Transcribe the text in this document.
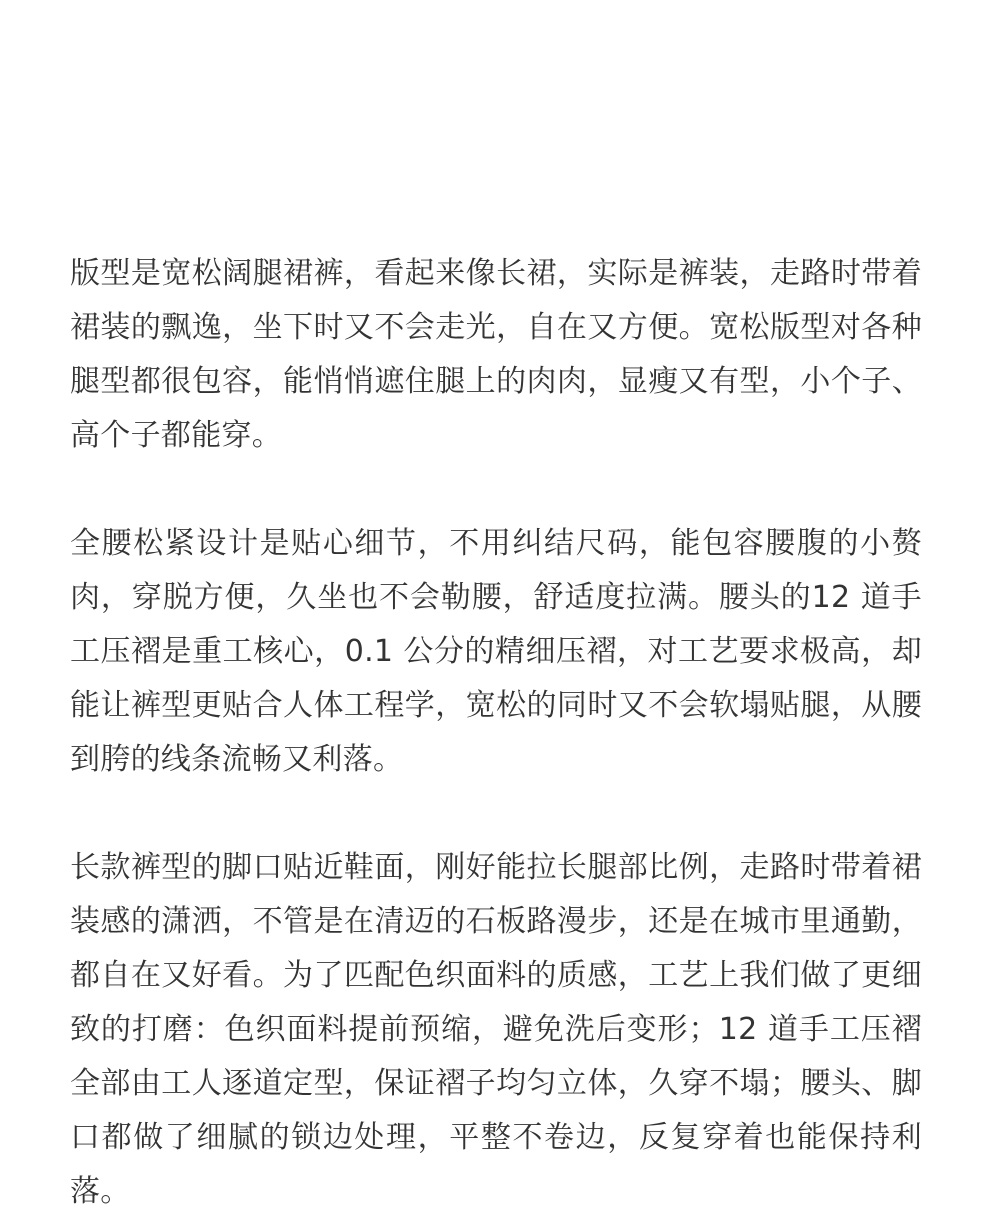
版型是宽松阔腿裙裤，看起来像长裙，实际是裤装，走路时带着裙装的飘逸，坐下时又不会走光，自在又方便。宽松版型对各种腿型都很包容，能悄悄遮住腿上的肉肉，显瘦又有型，小个子、高个子都能穿。

全腰松紧设计是贴心细节，不用纠结尺码，能包容腰腹的小赘肉，穿脱方便，久坐也不会勒腰，舒适度拉满。腰头的12 道手工压褶是重工核心，0.1 公分的精细压褶，对工艺要求极高，却能让裤型更贴合人体工程学，宽松的同时又不会软塌贴腿，从腰到胯的线条流畅又利落。

长款裤型的脚口贴近鞋面，刚好能拉长腿部比例，走路时带着裙装感的潇洒，不管是在清迈的石板路漫步，还是在城市里通勤，都自在又好看。为了匹配色织面料的质感，工艺上我们做了更细致的打磨：色织面料提前预缩，避免洗后变形；12 道手工压褶全部由工人逐道定型，保证褶子均匀立体，久穿不塌；腰头、脚口都做了细腻的锁边处理，平整不卷边，反复穿着也能保持利落。
